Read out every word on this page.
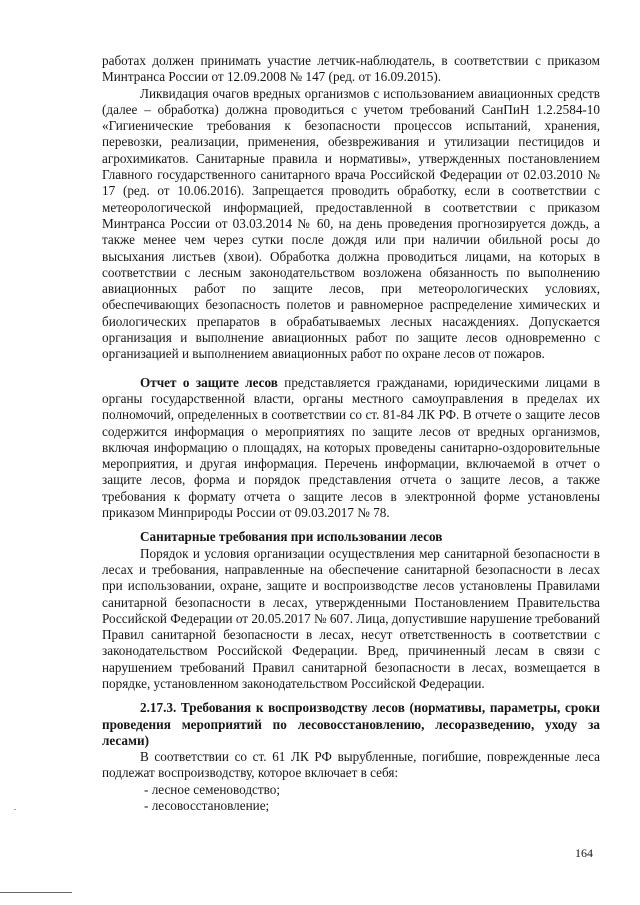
работах должен принимать участие летчик-наблюдатель, в соответствии с приказом Минтранса России от 12.09.2008 № 147 (ред. от 16.09.2015).

Ликвидация очагов вредных организмов с использованием авиационных средств (далее – обработка) должна проводиться с учетом требований СанПиН 1.2.2584-10 «Гигиенические требования к безопасности процессов испытаний, хранения, перевозки, реализации, применения, обезвреживания и утилизации пестицидов и агрохимикатов. Санитарные правила и нормативы», утвержденных постановлением Главного государственного санитарного врача Российской Федерации от 02.03.2010 № 17 (ред. от 10.06.2016). Запрещается проводить обработку, если в соответствии с метеорологической информацией, предоставленной в соответствии с приказом Минтранса России от 03.03.2014 № 60, на день проведения прогнозируется дождь, а также менее чем через сутки после дождя или при наличии обильной росы до высыхания листьев (хвои). Обработка должна проводиться лицами, на которых в соответствии с лесным законодательством возложена обязанность по выполнению авиационных работ по защите лесов, при метеорологических условиях, обеспечивающих безопасность полетов и равномерное распределение химических и биологических препаратов в обрабатываемых лесных насаждениях. Допускается организация и выполнение авиационных работ по защите лесов одновременно с организацией и выполнением авиационных работ по охране лесов от пожаров.

Отчет о защите лесов представляется гражданами, юридическими лицами в органы государственной власти, органы местного самоуправления в пределах их полномочий, определенных в соответствии со ст. 81-84 ЛК РФ. В отчете о защите лесов содержится информация о мероприятиях по защите лесов от вредных организмов, включая информацию о площадях, на которых проведены санитарно-оздоровительные мероприятия, и другая информация. Перечень информации, включаемой в отчет о защите лесов, форма и порядок представления отчета о защите лесов, а также требования к формату отчета о защите лесов в электронной форме установлены приказом Минприроды России от 09.03.2017 № 78.

Санитарные требования при использовании лесов

Порядок и условия организации осуществления мер санитарной безопасности в лесах и требования, направленные на обеспечение санитарной безопасности в лесах при использовании, охране, защите и воспроизводстве лесов установлены Правилами санитарной безопасности в лесах, утвержденными Постановлением Правительства Российской Федерации от 20.05.2017 № 607. Лица, допустившие нарушение требований Правил санитарной безопасности в лесах, несут ответственность в соответствии с законодательством Российской Федерации. Вред, причиненный лесам в связи с нарушением требований Правил санитарной безопасности в лесах, возмещается в порядке, установленном законодательством Российской Федерации.

2.17.3. Требования к воспроизводству лесов (нормативы, параметры, сроки проведения мероприятий по лесовосстановлению, лесоразведению, уходу за лесами)

В соответствии со ст. 61 ЛК РФ вырубленные, погибшие, поврежденные леса подлежат воспроизводству, которое включает в себя:

- лесное семеноводство;

- лесовосстановление;

164
